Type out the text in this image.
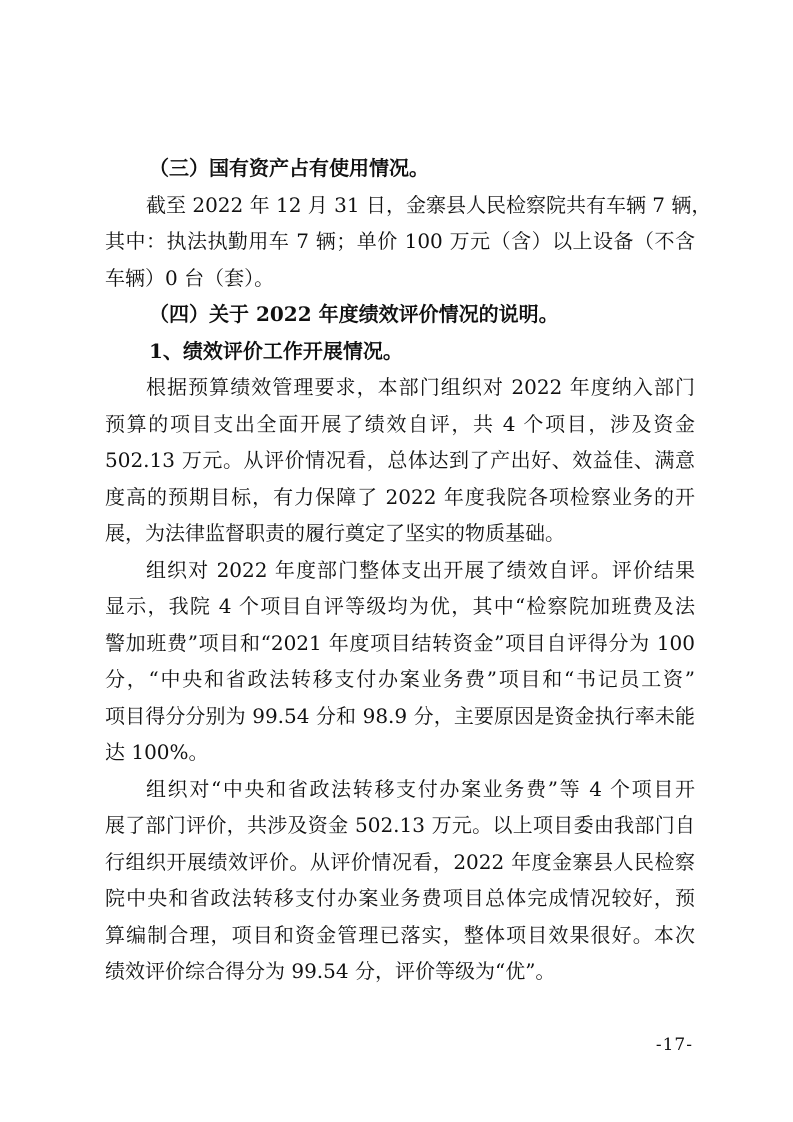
（三）国有资产占有使用情况。
截至 2022 年 12 月 31 日，金寨县人民检察院共有车辆 7 辆，
其中：执法执勤用车 7 辆；单价 100 万元（含）以上设备（不含
车辆）0 台（套）。
（四）关于 2022 年度绩效评价情况的说明。
1、绩效评价工作开展情况。
根据预算绩效管理要求，本部门组织对 2022 年度纳入部门
预算的项目支出全面开展了绩效自评，共 4 个项目，涉及资金
502.13 万元。从评价情况看，总体达到了产出好、效益佳、满意
度高的预期目标，有力保障了 2022 年度我院各项检察业务的开
展，为法律监督职责的履行奠定了坚实的物质基础。
组织对 2022 年度部门整体支出开展了绩效自评。评价结果
显示，我院 4 个项目自评等级均为优，其中“检察院加班费及法
警加班费”项目和“2021 年度项目结转资金”项目自评得分为 100
分，“中央和省政法转移支付办案业务费”项目和“书记员工资”
项目得分分别为 99.54 分和 98.9 分，主要原因是资金执行率未能
达 100%。
组织对“中央和省政法转移支付办案业务费”等 4 个项目开
展了部门评价，共涉及资金 502.13 万元。以上项目委由我部门自
行组织开展绩效评价。从评价情况看，2022 年度金寨县人民检察
院中央和省政法转移支付办案业务费项目总体完成情况较好，预
算编制合理，项目和资金管理已落实，整体项目效果很好。本次
绩效评价综合得分为 99.54 分，评价等级为“优”。
-17-
